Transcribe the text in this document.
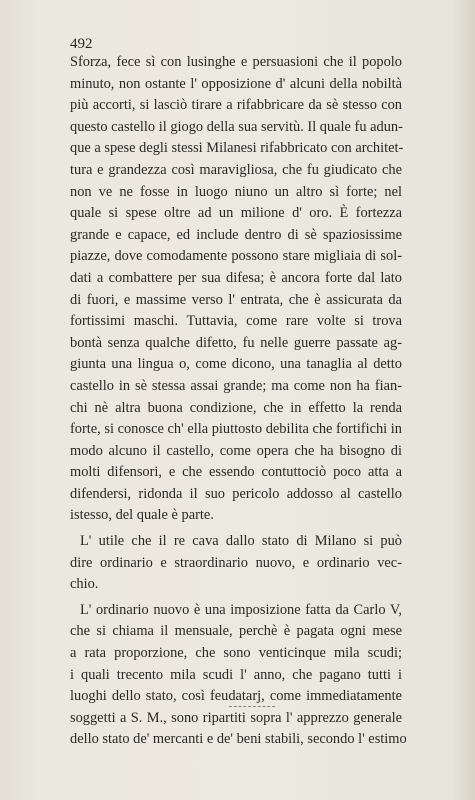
492

Sforza, fece sì con lusinghe e persuasioni che il popolo
minuto, non ostante l' opposizione d' alcuni della nobiltà
più accorti, si lasciò tirare a rifabbricare da sè stesso con
questo castello il giogo della sua servitù. Il quale fu adun-
que a spese degli stessi Milanesi rifabbricato con architet-
tura e grandezza così maravigliosa, che fu giudicato che
non ve ne fosse in luogo niuno un altro sì forte; nel
quale si spese oltre ad un milione d' oro. È fortezza
grande e capace, ed include dentro di sè spaziosissime
piazze, dove comodamente possono stare migliaia di sol-
dati a combattere per sua difesa; è ancora forte dal lato
di fuori, e massime verso l' entrata, che è assicurata da
fortissimi maschi. Tuttavia, come rare volte si trova
bontà senza qualche difetto, fu nelle guerre passate ag-
giunta una lingua o, come dicono, una tanaglia al detto
castello in sè stessa assai grande; ma come non ha fian-
chi nè altra buona condizione, che in effetto la renda
forte, si conosce ch' ella piuttosto debilita che fortifichi in
modo alcuno il castello, come opera che ha bisogno di
molti difensori, e che essendo contuttociò poco atta a
difendersi, ridonda il suo pericolo addosso al castello
istesso, del quale è parte.

L' utile che il re cava dallo stato di Milano si può
dire ordinario e straordinario nuovo, e ordinario vec-
chio.

L' ordinario nuovo è una imposizione fatta da Carlo V,
che si chiama il mensuale, perchè è pagata ogni mese
a rata proporzione, che sono venticinque mila scudi;
i quali trecento mila scudi l' anno, che pagano tutti i
luoghi dello stato, così feudatarj, come immediatamente
soggetti a S. M., sono ripartiti sopra l' apprezzo generale
dello stato de' mercanti e de' beni stabili, secondo l' estimo
